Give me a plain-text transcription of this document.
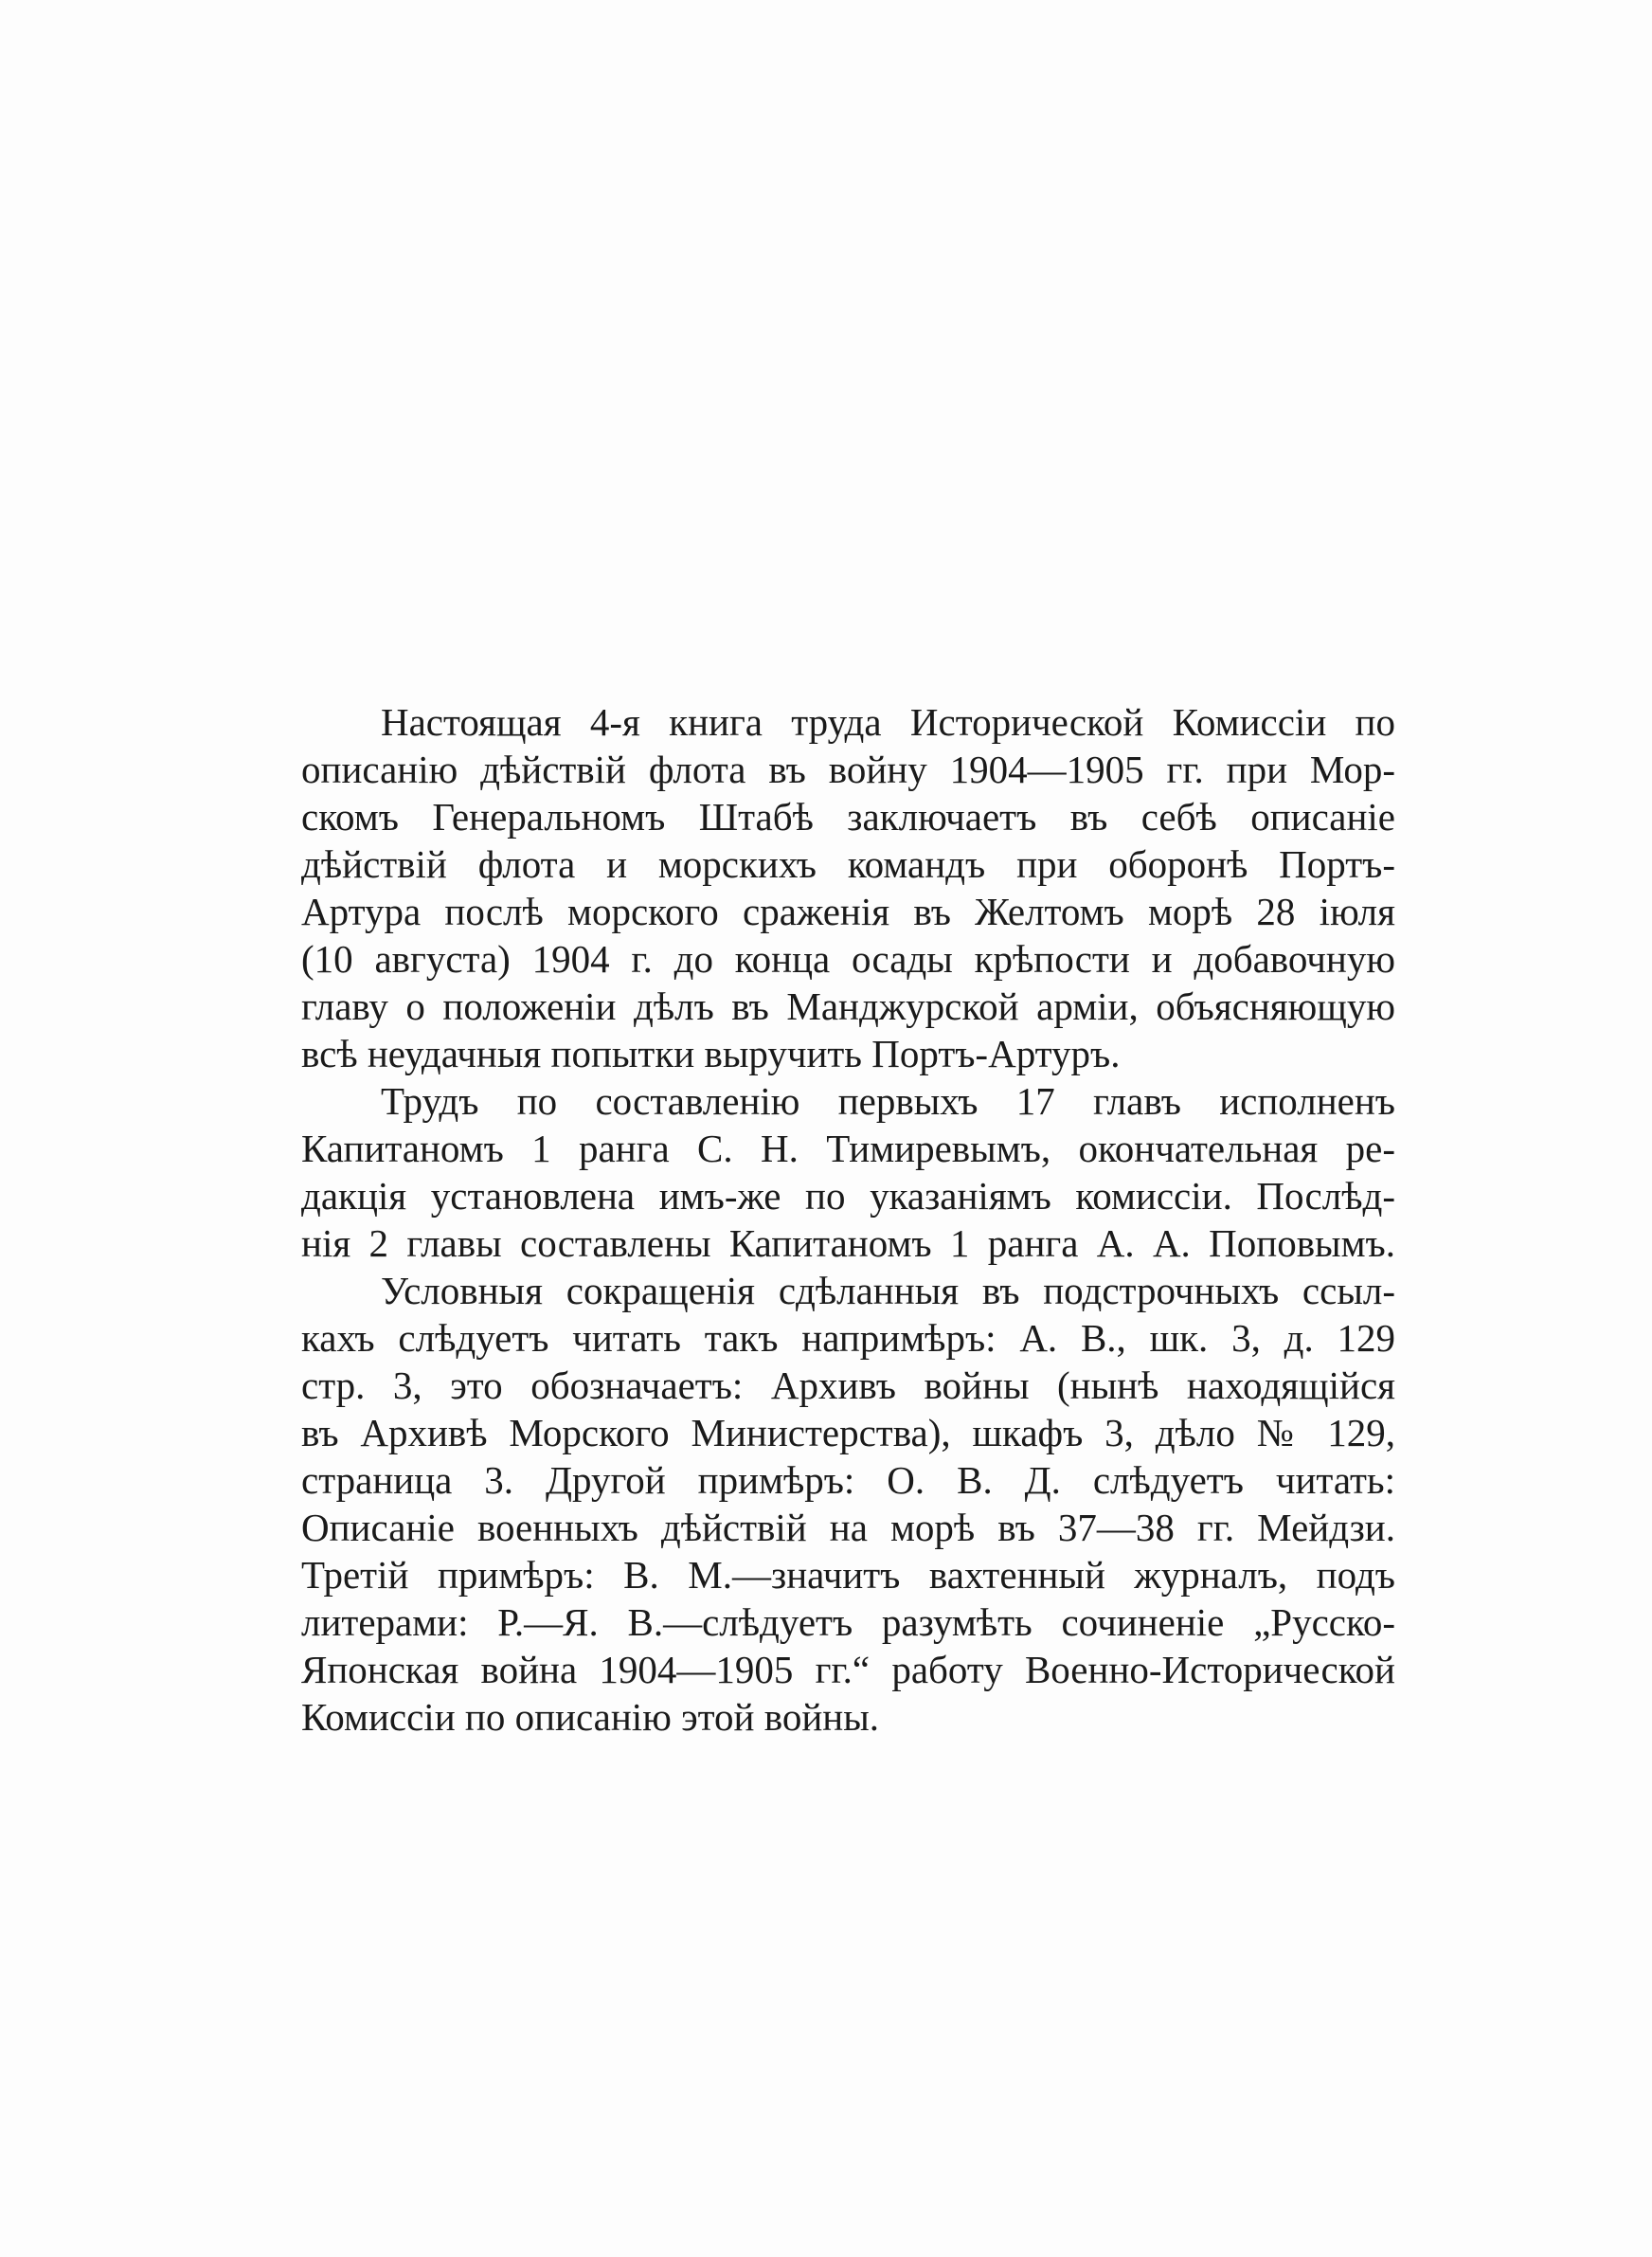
Настоящая 4-я книга труда Исторической Комиссіи по
описанію дѣйствій флота въ войну 1904—1905 гг. при Мор-
скомъ Генеральномъ Штабѣ заключаетъ въ себѣ описаніе
дѣйствій флота и морскихъ командъ при оборонѣ Портъ-
Артура послѣ морского сраженія въ Желтомъ морѣ 28 іюля
(10 августа) 1904 г. до конца осады крѣпости и добавочную
главу о положеніи дѣлъ въ Манджурской арміи, объясняющую
всѣ неудачныя попытки выручить Портъ-Артуръ.
Трудъ по составленію первыхъ 17 главъ исполненъ
Капитаномъ 1 ранга С. Н. Тимиревымъ, окончательная ре-
дакція установлена имъ-же по указаніямъ комиссіи. Послѣд-
нія 2 главы составлены Капитаномъ 1 ранга А. А. Поповымъ.
Условныя сокращенія сдѣланныя въ подстрочныхъ ссыл-
кахъ слѣдуетъ читать такъ напримѣръ: А. В., шк. 3, д. 129
стр. 3, это обозначаетъ: Архивъ войны (нынѣ находящійся
въ Архивѣ Морского Министерства), шкафъ 3, дѣло № 129,
страница 3. Другой примѣръ: О. В. Д. слѣдуетъ читать:
Описаніе военныхъ дѣйствій на морѣ въ 37—38 гг. Мейдзи.
Третій примѣръ: В. М.—значитъ вахтенный журналъ, подъ
литерами: Р.—Я. В.—слѣдуетъ разумѣть сочиненіе „Русско-
Японская война 1904—1905 гг.“ работу Военно-Исторической
Комиссіи по описанію этой войны.
